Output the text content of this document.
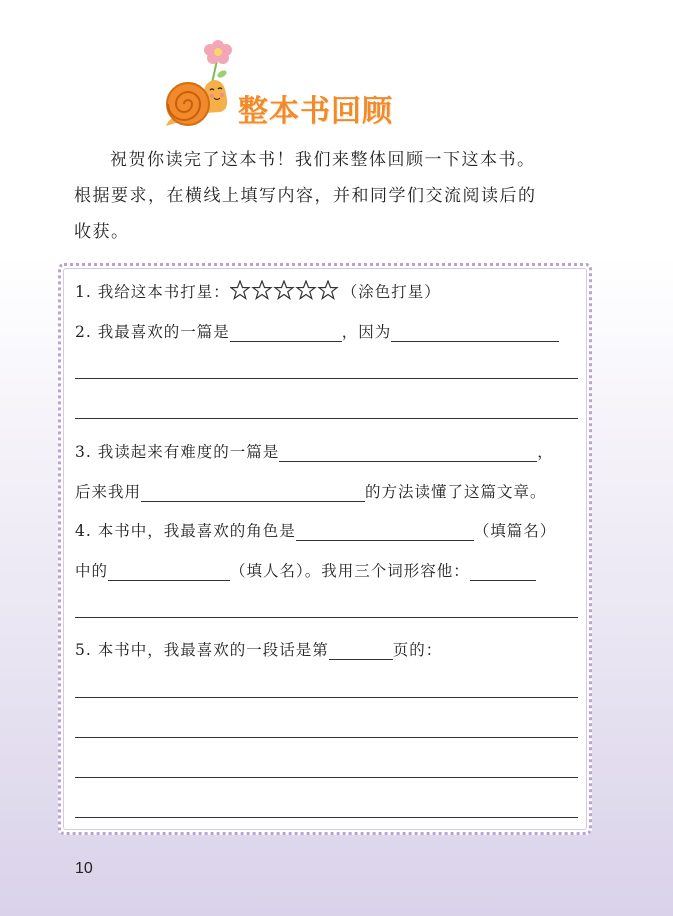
整本书回顾

祝贺你读完了这本书！我们来整体回顾一下这本书。
根据要求，在横线上填写内容，并和同学们交流阅读后的
收获。

1. 我给这本书打星：	（涂色打星）
2. 我最喜欢的一篇是	，因为
3. 我读起来有难度的一篇是	，
后来我用	的方法读懂了这篇文章。
4. 本书中，我最喜欢的角色是	（填篇名）
中的	（填人名）。我用三个词形容他：
5. 本书中，我最喜欢的一段话是第	页的：
10
